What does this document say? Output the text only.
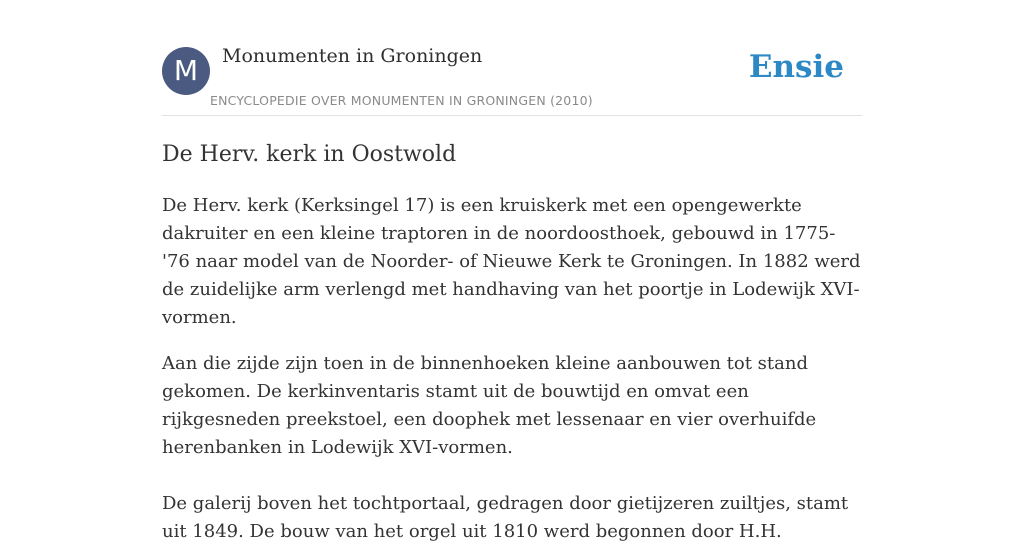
M	Monumenten in Groningen
ENCYCLOPEDIE OVER MONUMENTEN IN GRONINGEN (2010)
Ensie
De Herv. kerk in Oostwold

De Herv. kerk (Kerksingel 17) is een kruiskerk met een opengewerkte dakruiter en een kleine traptoren in de noordoosthoek, gebouwd in 1775-'76 naar model van de Noorder- of Nieuwe Kerk te Groningen. In 1882 werd de zuidelijke arm verlengd met handhaving van het poortje in Lodewijk XVI-vormen.

Aan die zijde zijn toen in de binnenhoeken kleine aanbouwen tot stand gekomen. De kerkinventaris stamt uit de bouwtijd en omvat een rijkgesneden preekstoel, een doophek met lessenaar en vier overhuifde herenbanken in Lodewijk XVI-vormen.

De galerij boven het tochtportaal, gedragen door gietijzeren zuiltjes, stamt uit 1849. De bouw van het orgel uit 1810 werd begonnen door H.H.
